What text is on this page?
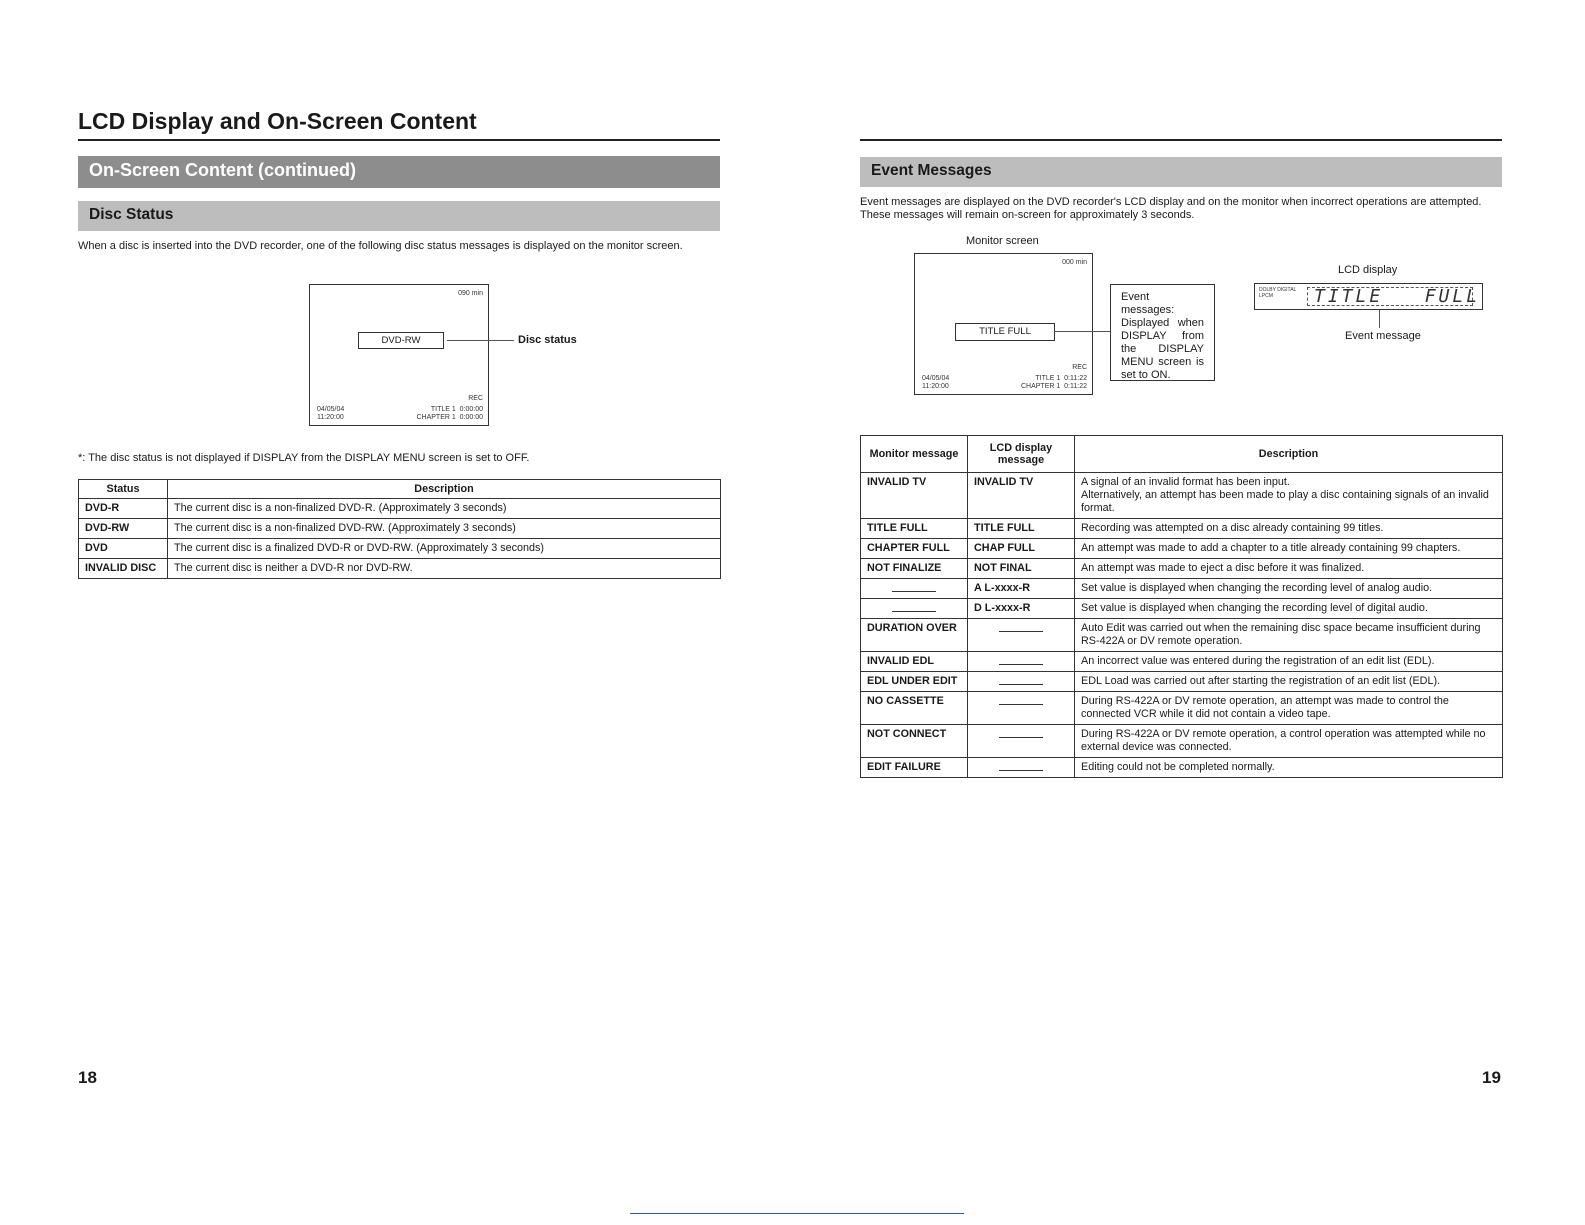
LCD Display and On-Screen Content
On-Screen Content (continued)
Disc Status
When a disc is inserted into the DVD recorder, one of the following disc status messages is displayed on the monitor screen.
090 min
DVD-RW
REC
04/05/04
11:20:00
TITLE 1  0:00:00
CHAPTER 1  0:00:00
Disc status
*: The disc status is not displayed if DISPLAY from the DISPLAY MENU screen is set to OFF.
Status	Description
DVD-R	The current disc is a non-finalized DVD-R. (Approximately 3 seconds)
DVD-RW	The current disc is a non-finalized DVD-RW. (Approximately 3 seconds)
DVD	The current disc is a finalized DVD-R or DVD-RW. (Approximately 3 seconds)
INVALID DISC	The current disc is neither a DVD-R nor DVD-RW.
18
Event Messages
Event messages are displayed on the DVD recorder's LCD display and on the monitor when incorrect operations are attempted.
These messages will remain on-screen for approximately 3 seconds.
Monitor screen
000 min
TITLE FULL
REC
04/05/04
11:20:00
TITLE 1  0:11:22
CHAPTER 1  0:11:22
Event messages: Displayed when DISPLAY from the DISPLAY MENU screen is set to ON.
LCD display
DOLBY DIGITAL
LPCM	TITLE   FULL
Event message
Monitor message	LCD display message	Description
INVALID TV	INVALID TV	A signal of an invalid format has been input.
Alternatively, an attempt has been made to play a disc containing signals of an invalid format.
TITLE FULL	TITLE FULL	Recording was attempted on a disc already containing 99 titles.
CHAPTER FULL	CHAP FULL	An attempt was made to add a chapter to a title already containing 99 chapters.
NOT FINALIZE	NOT FINAL	An attempt was made to eject a disc before it was finalized.
	A L-xxxx-R	Set value is displayed when changing the recording level of analog audio.
	D L-xxxx-R	Set value is displayed when changing the recording level of digital audio.
DURATION OVER		Auto Edit was carried out when the remaining disc space became insufficient during RS-422A or DV remote operation.
INVALID EDL		An incorrect value was entered during the registration of an edit list (EDL).
EDL UNDER EDIT		EDL Load was carried out after starting the registration of an edit list (EDL).
NO CASSETTE		During RS-422A or DV remote operation, an attempt was made to control the connected VCR while it did not contain a video tape.
NOT CONNECT		During RS-422A or DV remote operation, a control operation was attempted while no external device was connected.
EDIT FAILURE		Editing could not be completed normally.
19
